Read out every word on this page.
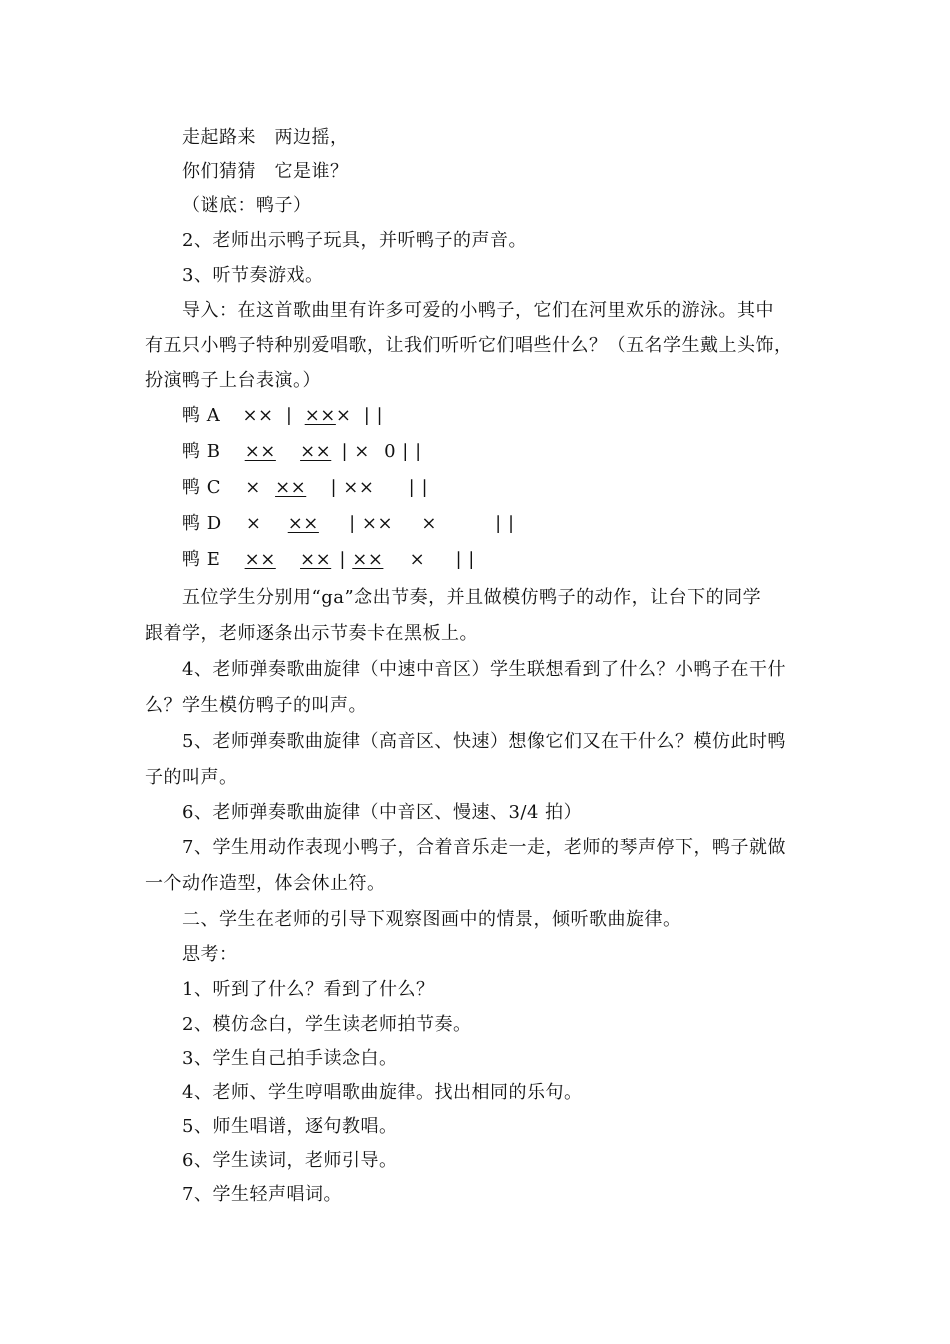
走起路来　两边摇，
你们猜猜　它是谁？
（谜底：鸭子）
2、老师出示鸭子玩具，并听鸭子的声音。
3、听节奏游戏。
导入：在这首歌曲里有许多可爱的小鸭子，它们在河里欢乐的游泳。其中
有五只小鸭子特种别爱唱歌，让我们听听它们唱些什么？（五名学生戴上头饰，
扮演鸭子上台表演。）
鸭 A ×× | ××× | |
鸭 B ×× ×× | × 0 | |
鸭 C × ×× | ×× | |
鸭 D × ×× | ×× ×	| |
鸭 E ×× ×× | ×× × | |
五位学生分别用“ga”念出节奏，并且做模仿鸭子的动作，让台下的同学
跟着学，老师逐条出示节奏卡在黑板上。
4、老师弹奏歌曲旋律（中速中音区）学生联想看到了什么？小鸭子在干什
么？学生模仿鸭子的叫声。
5、老师弹奏歌曲旋律（高音区、快速）想像它们又在干什么？模仿此时鸭
子的叫声。
6、老师弹奏歌曲旋律（中音区、慢速、3/4 拍）
7、学生用动作表现小鸭子，合着音乐走一走，老师的琴声停下，鸭子就做
一个动作造型，体会休止符。
二、学生在老师的引导下观察图画中的情景，倾听歌曲旋律。
思考：
1、听到了什么？看到了什么？
2、模仿念白，学生读老师拍节奏。
3、学生自己拍手读念白。
4、老师、学生哼唱歌曲旋律。找出相同的乐句。
5、师生唱谱，逐句教唱。
6、学生读词，老师引导。
7、学生轻声唱词。
